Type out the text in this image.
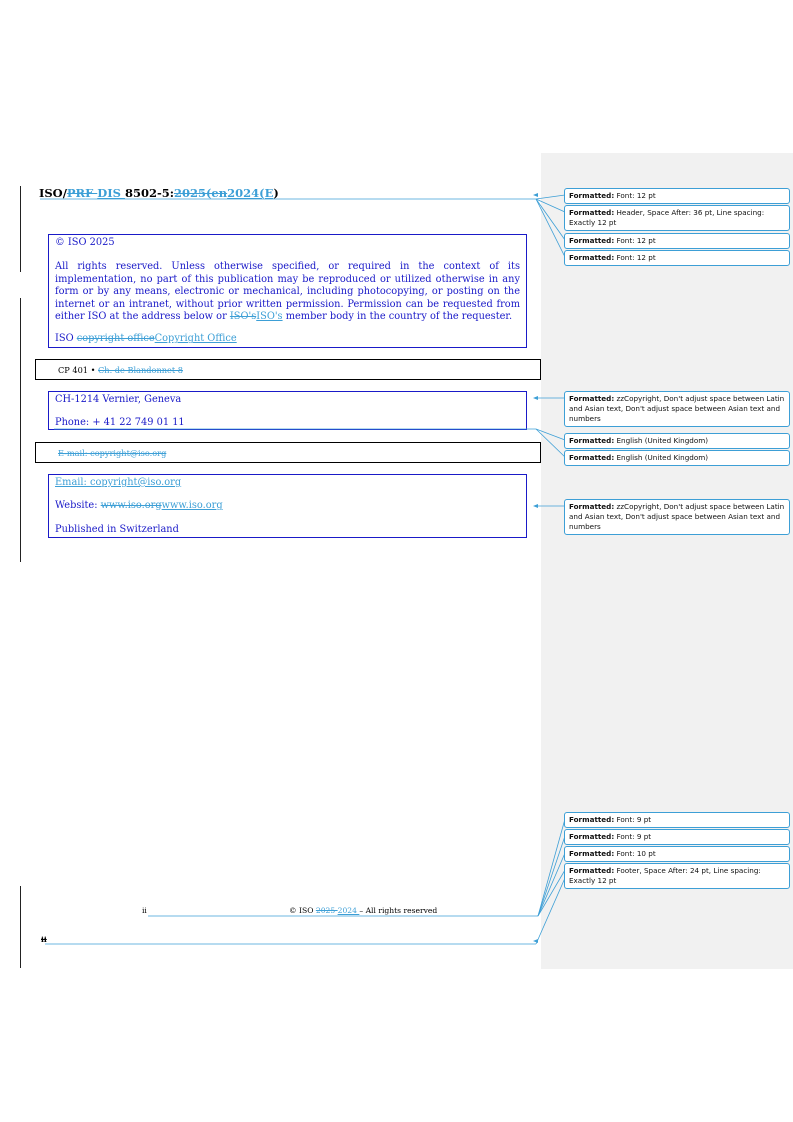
ISO/PRF DIS 8502-5:2025(en2024(E)

© ISO 2025

All rights reserved. Unless otherwise specified, or required in the context of its implementation, no part of this publication may be reproduced or utilized otherwise in any form or by any means, electronic or mechanical, including photocopying, or posting on the internet or an intranet, without prior written permission. Permission can be requested from either ISO at the address below or ISO'sISO's member body in the country of the requester.

ISO copyright officeCopyright Office

CP 401 • Ch. de Blandonnet 8

CH-1214 Vernier, Geneva

Phone: + 41 22 749 01 11

E-mail: copyright@iso.org

Email: copyright@iso.org

Website: www.iso.orgwww.iso.org

Published in Switzerland

ii	© ISO 2025 2024 – All rights reserved
ii
Formatted: Font: 12 pt
Formatted: Header, Space After: 36 pt, Line spacing: Exactly 12 pt
Formatted: Font: 12 pt
Formatted: Font: 12 pt
Formatted: zzCopyright, Don't adjust space between Latin and Asian text, Don't adjust space between Asian text and numbers
Formatted: English (United Kingdom)
Formatted: English (United Kingdom)
Formatted: zzCopyright, Don't adjust space between Latin and Asian text, Don't adjust space between Asian text and numbers
Formatted: Font: 9 pt
Formatted: Font: 9 pt
Formatted: Font: 10 pt
Formatted: Footer, Space After: 24 pt, Line spacing: Exactly 12 pt
